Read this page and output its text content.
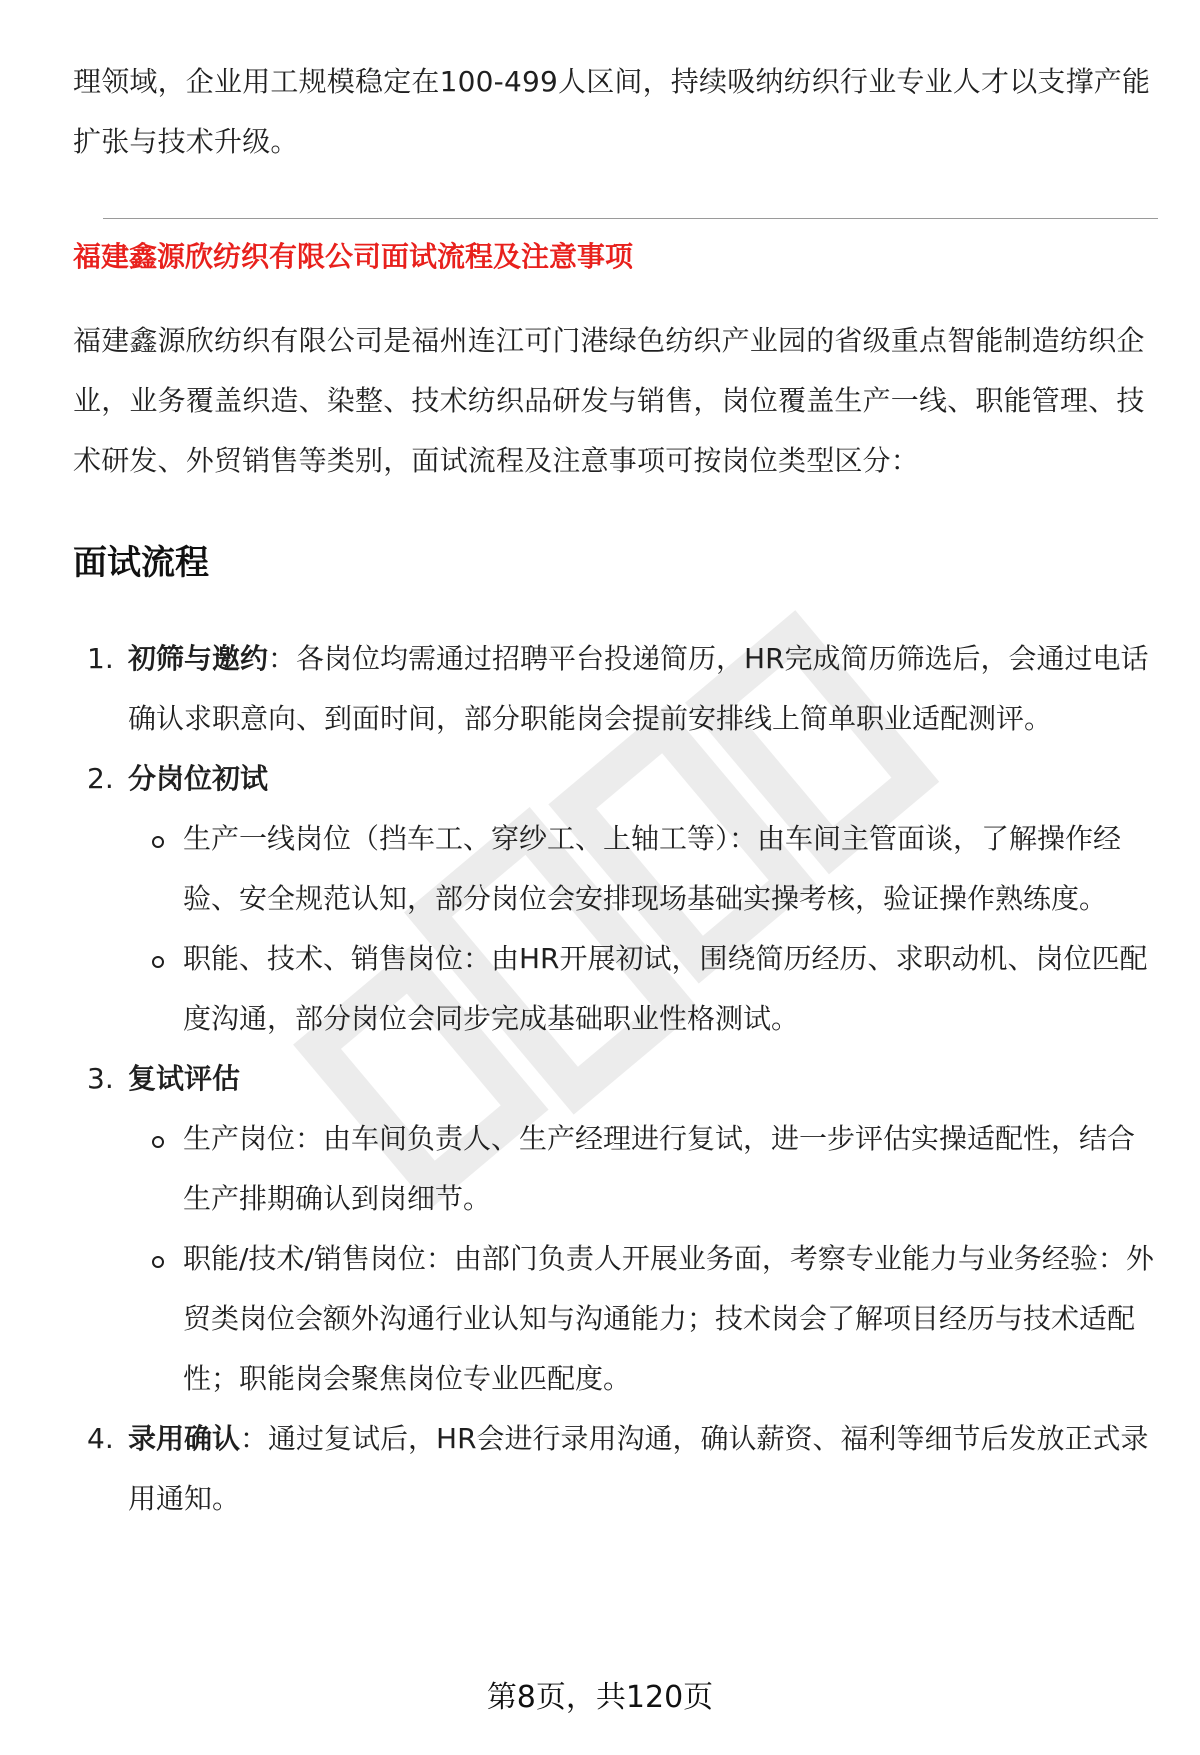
理领域，企业用工规模稳定在100-499人区间，持续吸纳纺织行业专业人才以支撑产能扩张与技术升级。

福建鑫源欣纺织有限公司面试流程及注意事项

福建鑫源欣纺织有限公司是福州连江可门港绿色纺织产业园的省级重点智能制造纺织企业，业务覆盖织造、染整、技术纺织品研发与销售，岗位覆盖生产一线、职能管理、技术研发、外贸销售等类别，面试流程及注意事项可按岗位类型区分：

面试流程
1. 初筛与邀约：各岗位均需通过招聘平台投递简历，HR完成简历筛选后，会通过电话确认求职意向、到面时间，部分职能岗会提前安排线上简单职业适配测评。
2. 分岗位初试
生产一线岗位（挡车工、穿纱工、上轴工等）：由车间主管面谈，了解操作经验、安全规范认知，部分岗位会安排现场基础实操考核，验证操作熟练度。
职能、技术、销售岗位：由HR开展初试，围绕简历经历、求职动机、岗位匹配度沟通，部分岗位会同步完成基础职业性格测试。
3. 复试评估
生产岗位：由车间负责人、生产经理进行复试，进一步评估实操适配性，结合生产排期确认到岗细节。
职能/技术/销售岗位：由部门负责人开展业务面，考察专业能力与业务经验：外贸类岗位会额外沟通行业认知与沟通能力；技术岗会了解项目经历与技术适配性；职能岗会聚焦岗位专业匹配度。
4. 录用确认：通过复试后，HR会进行录用沟通，确认薪资、福利等细节后发放正式录用通知。
第8页，共120页
